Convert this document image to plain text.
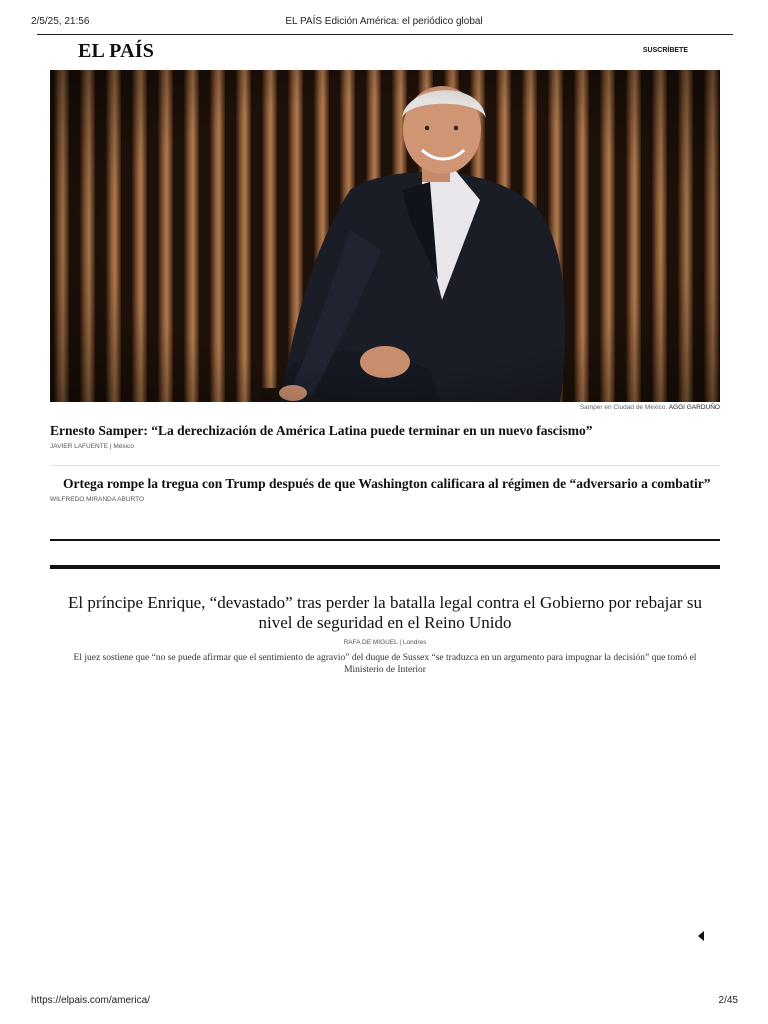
2/5/25, 21:56	EL PAÍS Edición América: el periódico global
EL PAÍS	SUSCRÍBETE
Samper en Ciudad de México. AGGI GARDUÑO
Ernesto Samper: “La derechización de América Latina puede terminar en un nuevo fascismo”
JAVIER LAFUENTE | México
Ortega rompe la tregua con Trump después de que Washington calificara al régimen de “adversario a combatir”
WILFREDO MIRANDA ABURTO
El príncipe Enrique, “devastado” tras perder la batalla legal contra el Gobierno por rebajar su nivel de seguridad en el Reino Unido
RAFA DE MIGUEL | Londres

El juez sostiene que “no se puede afirmar que el sentimiento de agravio” del duque de Sussex “se traduzca en un argumento para impugnar la decisión” que tomó el Ministerio de Interior

https://elpais.com/america/	2/45
